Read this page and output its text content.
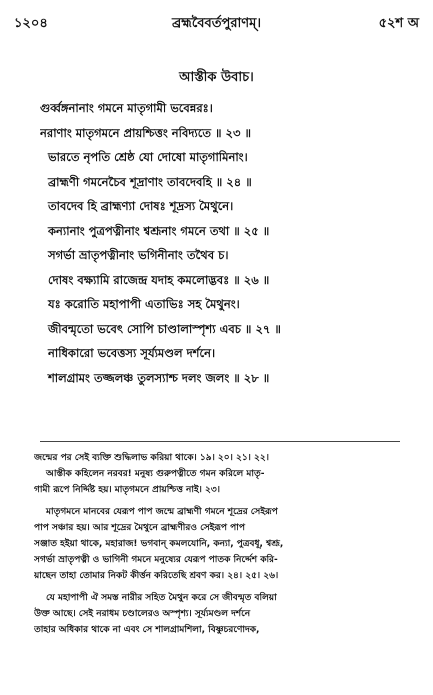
১২০৪	ব্রহ্মবৈবর্তপুরাণম্।	৫২শ অ
আস্তীক উবাচ।
গুর্ব্বঙ্গনানাং গমনে মাতৃগামী ভবেন্নরঃ।
নরাণাং মাতৃগমনে প্রায়শ্চিত্তং নবিদ্যতে ॥ ২৩ ॥
ভারতে নৃপতি শ্রেষ্ঠ যো দোষো মাতৃগামিনাং।
ব্রাহ্মণী গমনেচৈব শূদ্রাণাং তাবদেবহি ॥ ২৪ ॥
তাবদেব হি ব্রাহ্মণ্যা দোষঃ শূদ্রস্য মৈথুনে।
কন্যানাং পুত্রপত্নীনাং শ্বশ্রূনাং গমনে তথা ॥ ২৫ ॥
সগর্ভা ভ্রাতৃপত্নীনাং ভগিনীনাং তথৈব চ।
দোষং বক্ষ্যামি রাজেন্দ্র যদাহ কমলোদ্ভবঃ ॥ ২৬ ॥
যঃ করোতি মহাপাপী এতাভিঃ সহ মৈথুনং।
জীবন্মৃতো ভবেৎ সোপি চাণ্ডালাস্পৃশ্য এবচ ॥ ২৭ ॥
নাধিকারো ভবেত্তস্য সূর্য্যমণ্ডল দর্শনে।
শালগ্রামং তজ্জলঞ্চ তুলস্যাশ্চ দলং জলং ॥ ২৮ ॥
জন্মের পর সেই ব্যক্তি শুদ্ধিলাভ করিয়া থাকে। ১৯। ২০। ২১। ২২।
আস্তীক কহিলেন নরবর! মনুষ্য গুরুপত্নীতে গমন করিলে মাতৃ-
গামী রূপে নির্দ্দিষ্ট হয়। মাতৃগমনে প্রায়শ্চিত্ত নাই। ২৩।
মাতৃগমনে মানবের যেরূপ পাপ জন্মে ব্রাহ্মণী গমনে শূদ্রের সেইরূপ
পাপ সঞ্চার হয়। আর শূদ্রের মৈথুনে ব্রাহ্মণীরও সেইরূপ পাপ
সঞ্জাত হইয়া থাকে, মহারাজ! ভগবান্ কমলযোনি, কন্যা, পুত্রবধূ, শ্বশ্রূ,
সগর্ভা ভ্রাতৃপত্নী ও ভাগিনী গমনে মনুষ্যের যেরূপ পাতক নির্দ্দেশ করি-
য়াছেন তাহা তোমার নিকট কীর্ত্তন করিতেছি শ্রবণ কর। ২৪। ২৫। ২৬।
যে মহাপাপী ঐ সমস্ত নারীর সহিত মৈথুন করে সে জীবন্মৃত বলিয়া
উক্ত আছে। সেই নরাধম চণ্ডালেরও অস্পৃশ্য। সূর্য্যমণ্ডল দর্শনে
তাহার অধিকার থাকে না এবং সে শালগ্রামশিলা, বিষ্ণুচরণোদক,
